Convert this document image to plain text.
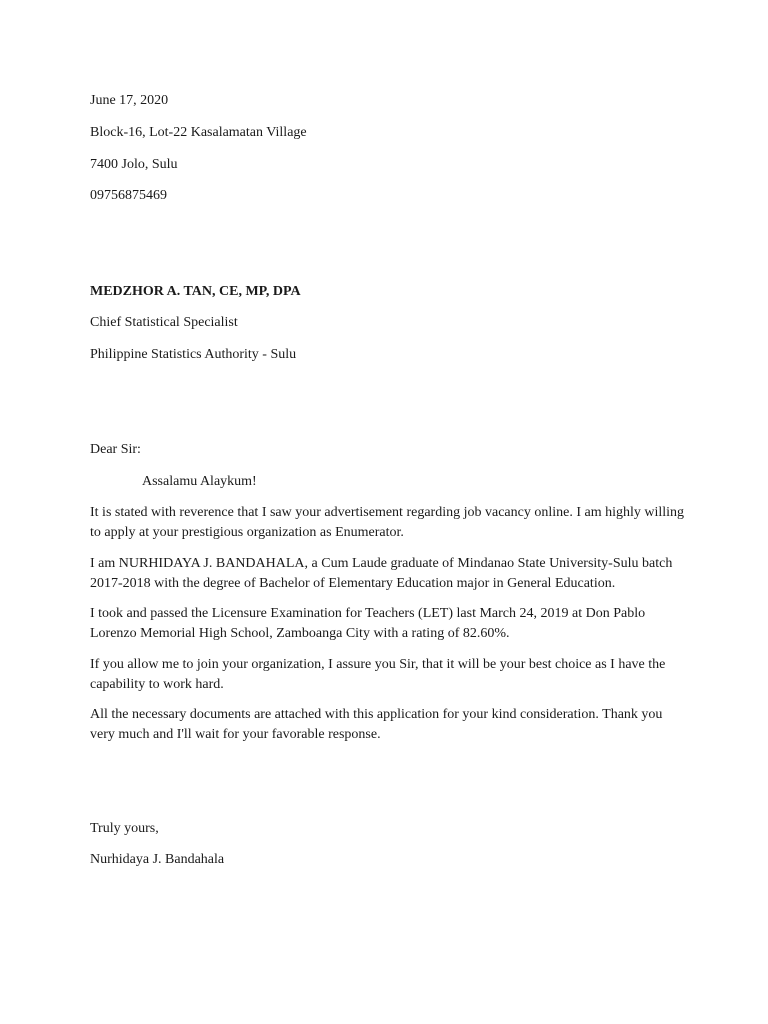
June 17, 2020
Block-16, Lot-22 Kasalamatan Village
7400 Jolo, Sulu
09756875469
MEDZHOR A. TAN, CE, MP, DPA
Chief Statistical Specialist
Philippine Statistics Authority - Sulu
Dear Sir:
Assalamu Alaykum!
It is stated with reverence that I saw your advertisement regarding job vacancy online. I am highly willing to apply at your prestigious organization as Enumerator.
I am NURHIDAYA J. BANDAHALA, a Cum Laude graduate of Mindanao State University-Sulu batch 2017-2018 with the degree of Bachelor of Elementary Education major in General Education.
I took and passed the Licensure Examination for Teachers (LET) last March 24, 2019 at Don Pablo Lorenzo Memorial High School, Zamboanga City with a rating of 82.60%.
If you allow me to join your organization, I assure you Sir, that it will be your best choice as I have the capability to work hard.
All the necessary documents are attached with this application for your kind consideration. Thank you very much and I'll wait for your favorable response.
Truly yours,
Nurhidaya J. Bandahala
